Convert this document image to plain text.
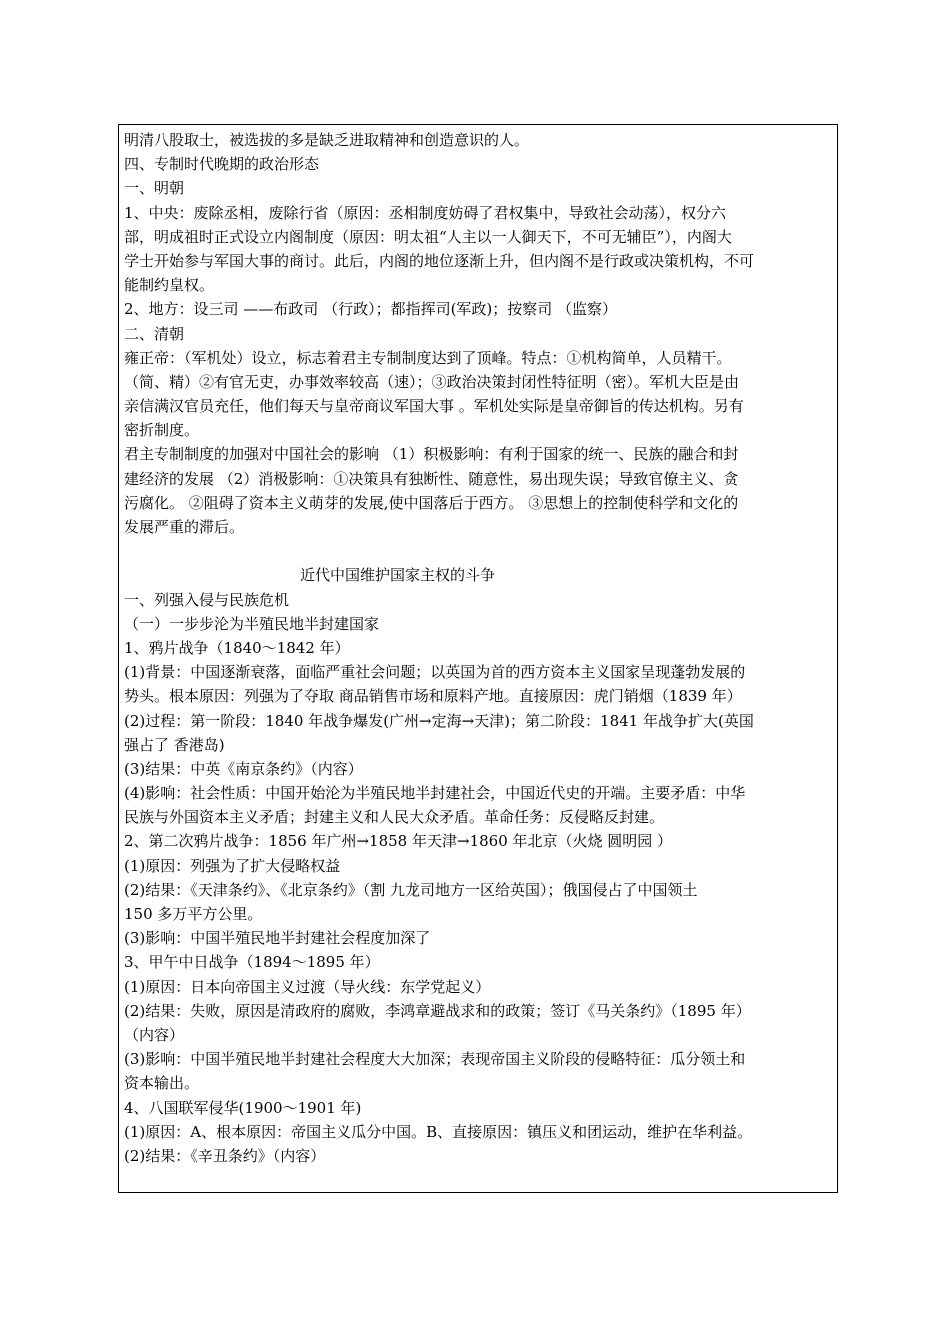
明清八股取士，被选拔的多是缺乏进取精神和创造意识的人。
四、专制时代晚期的政治形态
一、明朝
1、中央：废除丞相，废除行省（原因：丞相制度妨碍了君权集中，导致社会动荡），权分六
部，明成祖时正式设立内阁制度（原因：明太祖“人主以一人御天下，不可无辅臣”），内阁大
学士开始参与军国大事的商讨。此后，内阁的地位逐渐上升，但内阁不是行政或决策机构，不可
能制约皇权。
2、地方：设三司 ——布政司 （行政）；都指挥司(军政)；按察司 （监察）
二、清朝
雍正帝：（军机处）设立，标志着君主专制制度达到了顶峰。特点：①机构简单，人员精干。
（简、精）②有官无吏，办事效率较高（速）；③政治决策封闭性特征明（密）。军机大臣是由
亲信满汉官员充任，他们每天与皇帝商议军国大事 。军机处实际是皇帝御旨的传达机构。另有
密折制度。
君主专制制度的加强对中国社会的影响 （1）积极影响：有利于国家的统一、民族的融合和封
建经济的发展 （2）消极影响：①决策具有独断性、随意性，易出现失误；导致官僚主义、贪
污腐化。 ②阻碍了资本主义萌芽的发展,使中国落后于西方。 ③思想上的控制使科学和文化的
发展严重的滞后。
近代中国维护国家主权的斗争
一、列强入侵与民族危机
（一）一步步沦为半殖民地半封建国家
1、鸦片战争（1840～1842 年）
(1)背景：中国逐渐衰落，面临严重社会问题；以英国为首的西方资本主义国家呈现蓬勃发展的
势头。根本原因：列强为了夺取 商品销售市场和原料产地。直接原因：虎门销烟（1839 年）
(2)过程：第一阶段：1840 年战争爆发(广州→定海→天津)；第二阶段：1841 年战争扩大(英国
强占了 香港岛)
(3)结果：中英《南京条约》（内容）
(4)影响：社会性质：中国开始沦为半殖民地半封建社会，中国近代史的开端。主要矛盾：中华
民族与外国资本主义矛盾；封建主义和人民大众矛盾。革命任务：反侵略反封建。
2、第二次鸦片战争：1856 年广州→1858 年天津→1860 年北京（火烧 圆明园 ）
(1)原因：列强为了扩大侵略权益
(2)结果：《天津条约》、《北京条约》（割 九龙司地方一区给英国）；俄国侵占了中国领土
150 多万平方公里。
(3)影响：中国半殖民地半封建社会程度加深了
3、甲午中日战争（1894～1895 年）
(1)原因：日本向帝国主义过渡（导火线：东学党起义）
(2)结果：失败，原因是清政府的腐败，李鸿章避战求和的政策；签订《马关条约》（1895 年）
（内容）
(3)影响：中国半殖民地半封建社会程度大大加深；表现帝国主义阶段的侵略特征：瓜分领土和
资本输出。
4、八国联军侵华(1900～1901 年)
(1)原因：A、根本原因：帝国主义瓜分中国。B、直接原因：镇压义和团运动，维护在华利益。
(2)结果：《辛丑条约》（内容）
